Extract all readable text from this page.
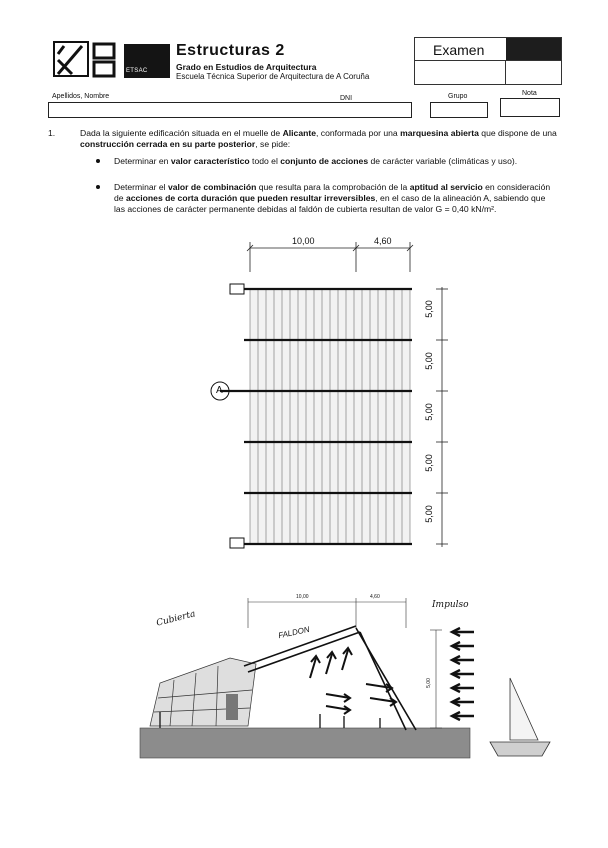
ETSAC
Estructuras 2
Grado en Estudios de Arquitectura
Escuela Técnica Superior de Arquitectura de A Coruña
Examen
Apellidos, Nombre	DNI	Grupo	Nota
1.	Dada la siguiente edificación situada en el muelle de Alicante, conformada por una marquesina abierta que dispone de una construcción cerrada en su parte posterior, se pide:
Determinar en valor característico todo el conjunto de acciones de carácter variable (climáticas y uso).
Determinar el valor de combinación que resulta para la comprobación de la aptitud al servicio en consideración de acciones de corta duración que pueden resultar irreversibles, en el caso de la alineación A, sabiendo que las acciones de carácter permanente debidas al faldón de cubierta resultan de valor G = 0,40 kN/m².
10,00	4,60
5,00
5,00
5,00
5,00
5,00
A
FALDON
Cubierta
Impulso
10,00	4,60
5,00
